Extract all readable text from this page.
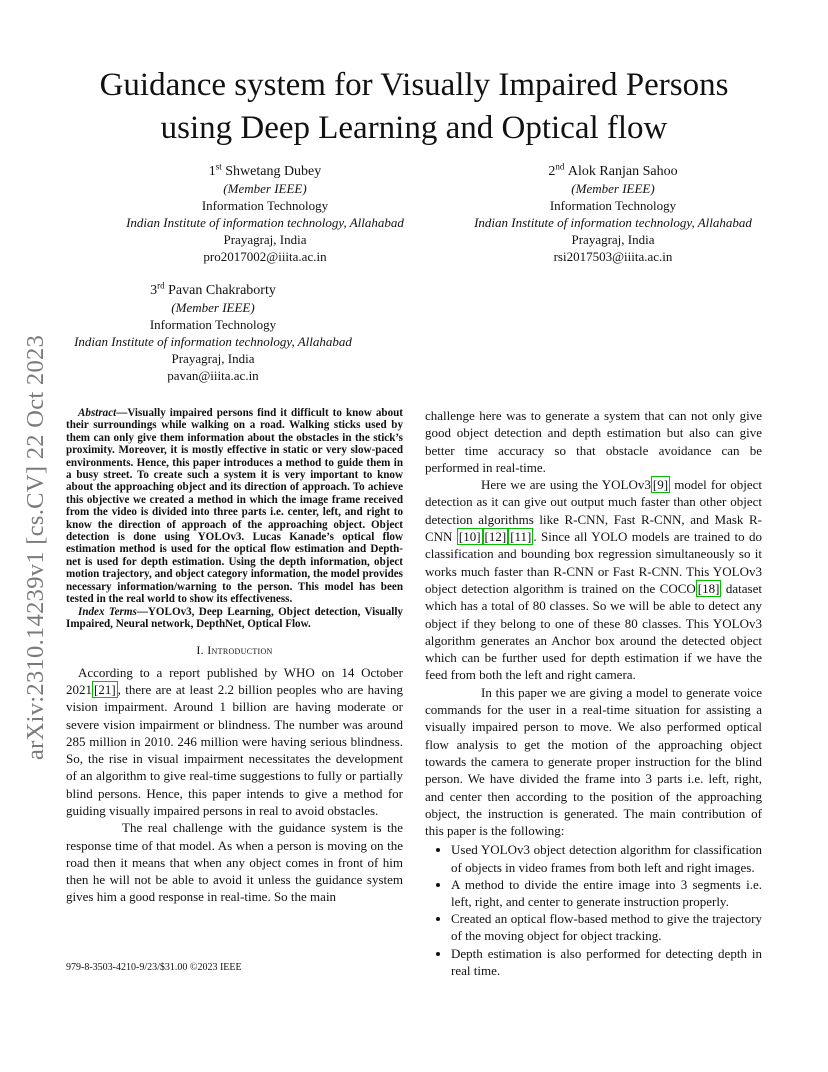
arXiv:2310.14239v1 [cs.CV] 22 Oct 2023
Guidance system for Visually Impaired Persons
using Deep Learning and Optical flow
1st Shwetang Dubey
(Member IEEE)
Information Technology
Indian Institute of information technology, Allahabad
Prayagraj, India
pro2017002@iiita.ac.in
2nd Alok Ranjan Sahoo
(Member IEEE)
Information Technology
Indian Institute of information technology, Allahabad
Prayagraj, India
rsi2017503@iiita.ac.in
3rd Pavan Chakraborty
(Member IEEE)
Information Technology
Indian Institute of information technology, Allahabad
Prayagraj, India
pavan@iiita.ac.in

Abstract—Visually impaired persons find it difficult to know about their surroundings while walking on a road. Walking sticks used by them can only give them information about the obstacles in the stick’s proximity. Moreover, it is mostly effective in static or very slow-paced environments. Hence, this paper introduces a method to guide them in a busy street. To create such a system it is very important to know about the approaching object and its direction of approach. To achieve this objective we created a method in which the image frame received from the video is divided into three parts i.e. center, left, and right to know the direction of approach of the approaching object. Object detection is done using YOLOv3. Lucas Kanade’s optical flow estimation method is used for the optical flow estimation and Depth-net is used for depth estimation. Using the depth information, object motion trajectory, and object category information, the model provides necessary information/warning to the person. This model has been tested in the real world to show its effectiveness.

Index Terms—YOLOv3, Deep Learning, Object detection, Visually Impaired, Neural network, DepthNet, Optical Flow.

I. Introduction

According to a report published by WHO on 14 October 2021 [21] , there are at least 2.2 billion peoples who are having vision impairment. Around 1 billion are having moderate or severe vision impairment or blindness. The number was around 285 million in 2010. 246 million were having serious blindness. So, the rise in visual impairment necessitates the development of an algorithm to give real-time suggestions to fully or partially blind persons. Hence, this paper intends to give a method for guiding visually impaired persons in real to avoid obstacles.

The real challenge with the guidance system is the response time of that model. As when a person is moving on the road then it means that when any object comes in front of him then he will not be able to avoid it unless the guidance system gives him a good response in real-time. So the main

challenge here was to generate a system that can not only give good object detection and depth estimation but also can give better time accuracy so that obstacle avoidance can be performed in real-time.

Here we are using the YOLOv3 [9] model for object detection as it can give out output much faster than other object detection algorithms like R-CNN, Fast R-CNN, and Mask R-CNN [10] [12] [11] . Since all YOLO models are trained to do classification and bounding box regression simultaneously so it works much faster than R-CNN or Fast R-CNN. This YOLOv3 object detection algorithm is trained on the COCO [18] dataset which has a total of 80 classes. So we will be able to detect any object if they belong to one of these 80 classes. This YOLOv3 algorithm generates an Anchor box around the detected object which can be further used for depth estimation if we have the feed from both the left and right camera.

In this paper we are giving a model to generate voice commands for the user in a real-time situation for assisting a visually impaired person to move. We also performed optical flow analysis to get the motion of the approaching object towards the camera to generate proper instruction for the blind person. We have divided the frame into 3 parts i.e. left, right, and center then according to the position of the approaching object, the instruction is generated. The main contribution of this paper is the following:

• Used YOLOv3 object detection algorithm for classification of objects in video frames from both left and right images.
• A method to divide the entire image into 3 segments i.e. left, right, and center to generate instruction properly.
• Created an optical flow-based method to give the trajectory of the moving object for object tracking.
• Depth estimation is also performed for detecting depth in real time.
979-8-3503-4210-9/23/$31.00 ©2023 IEEE
